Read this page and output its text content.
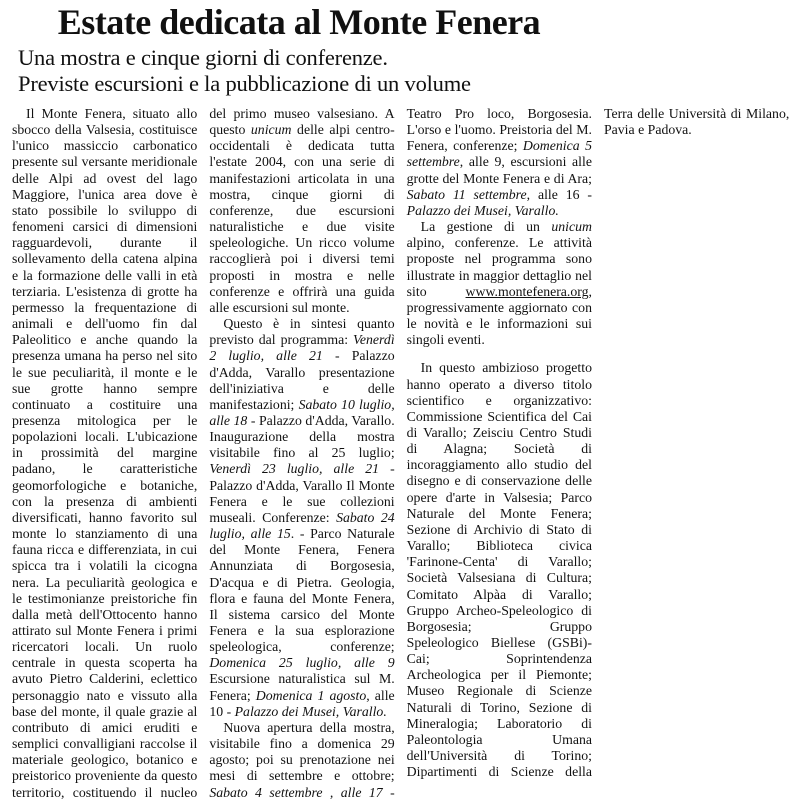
Estate dedicata al Monte Fenera
Una mostra e cinque giorni di conferenze.
Previste escursioni e la pubblicazione di un volume

Il Monte Fenera, situato allo sbocco della Valsesia, costituisce l'unico massiccio carbonatico presente sul versante meridionale delle Alpi ad ovest del lago Maggiore, l'unica area dove è stato possibile lo sviluppo di fenomeni carsici di dimensioni ragguardevoli, durante il sollevamento della catena alpina e la formazione delle valli in età terziaria. L'esistenza di grotte ha permesso la frequentazione di animali e dell'uomo fin dal Paleolitico e anche quando la presenza umana ha perso nel sito le sue peculiarità, il monte e le sue grotte hanno sempre continuato a costituire una presenza mitologica per le popolazioni locali. L'ubicazione in prossimità del margine padano, le caratteristiche geomorfologiche e botaniche, con la presenza di ambienti diversificati, hanno favorito sul monte lo stanziamento di una fauna ricca e differenziata, in cui spicca tra i volatili la cicogna nera. La peculiarità geologica e le testimonianze preistoriche fin dalla metà dell'Ottocento hanno attirato sul Monte Fenera i primi ricercatori locali. Un ruolo centrale in questa scoperta ha avuto Pietro Calderini, eclettico personaggio nato e vissuto alla base del monte, il quale grazie al contributo di amici eruditi e semplici convalligiani raccolse il materiale geologico, botanico e preistorico proveniente da questo territorio, costituendo il nucleo del primo museo valsesiano. A questo unicum delle alpi centro-occidentali è dedicata tutta l'estate 2004, con una serie di manifestazioni articolata in una mostra, cinque giorni di conferenze, due escursioni naturalistiche e due visite speleologiche. Un ricco volume raccoglierà poi i diversi temi proposti in mostra e nelle conferenze e offrirà una guida alle escursioni sul monte.

Questo è in sintesi quanto previsto dal programma: Venerdì 2 luglio, alle 21 - Palazzo d'Adda, Varallo presentazione dell'iniziativa e delle manifestazioni; Sabato 10 luglio, alle 18 - Palazzo d'Adda, Varallo. Inaugurazione della mostra visitabile fino al 25 luglio; Venerdì 23 luglio, alle 21 - Palazzo d'Adda, Varallo Il Monte Fenera e le sue collezioni museali. Conferenze: Sabato 24 luglio, alle 15. - Parco Naturale del Monte Fenera, Fenera Annunziata di Borgosesia, D'acqua e di Pietra. Geologia, flora e fauna del Monte Fenera, Il sistema carsico del Monte Fenera e la sua esplorazione speleologica, conferenze; Domenica 25 luglio, alle 9 Escursione naturalistica sul M. Fenera; Domenica 1 agosto, alle 10 - Palazzo dei Musei, Varallo.

Nuova apertura della mostra, visitabile fino a domenica 29 agosto; poi su prenotazione nei mesi di settembre e ottobre; Sabato 4 settembre , alle 17 - Teatro Pro loco, Borgosesia. L'orso e l'uomo. Preistoria del M. Fenera, conferenze; Domenica 5 settembre, alle 9, escursioni alle grotte del Monte Fenera e di Ara; Sabato 11 settembre, alle 16 - Palazzo dei Musei, Varallo.

La gestione di un unicum alpino, conferenze. Le attività proposte nel programma sono illustrate in maggior dettaglio nel sito	www.montefenera.org, progressivamente aggiornato con le novità e le informazioni sui singoli eventi.

In questo ambizioso progetto hanno operato a diverso titolo scientifico e organizzativo: Commissione Scientifica del Cai di Varallo; Zeisciu Centro Studi di Alagna; Società di incoraggiamento allo studio del disegno e di conservazione delle opere d'arte in Valsesia; Parco Naturale del Monte Fenera; Sezione di Archivio di Stato di Varallo; Biblioteca civica 'Farinone-Centa' di Varallo; Società Valsesiana di Cultura; Comitato Alpàa di Varallo; Gruppo Archeo-Speleologico di Borgosesia; Gruppo Speleologico Biellese (GSBi)-Cai; Soprintendenza Archeologica per il Piemonte; Museo Regionale di Scienze Naturali di Torino, Sezione di Mineralogia; Laboratorio di Paleontologia Umana dell'Università di Torino; Dipartimenti di Scienze della Terra delle Università di Milano, Pavia e Padova.
